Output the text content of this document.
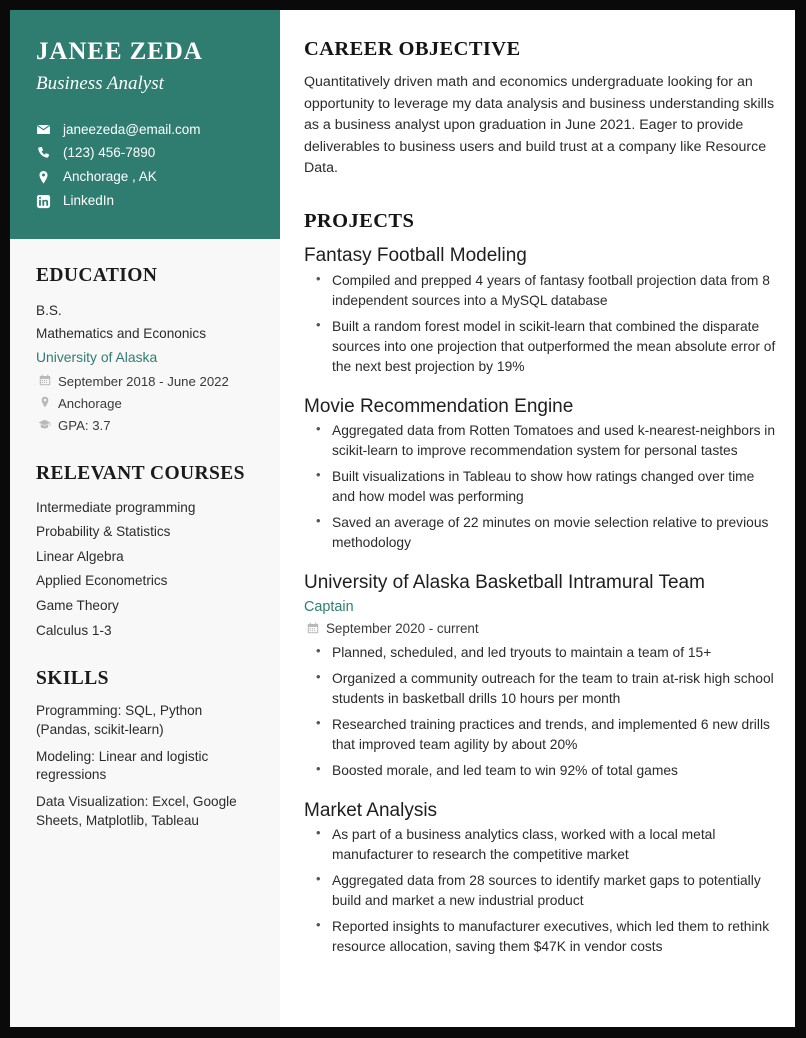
JANEE ZEDA
Business Analyst
janeezeda@email.com
(123) 456-7890
Anchorage , AK
LinkedIn
EDUCATION
B.S.
Mathematics and Econonics
University of Alaska
September 2018 - June 2022
Anchorage
GPA: 3.7
RELEVANT COURSES
Intermediate programming
Probability & Statistics
Linear Algebra
Applied Econometrics
Game Theory
Calculus 1-3
SKILLS
Programming: SQL, Python (Pandas, scikit-learn)
Modeling: Linear and logistic regressions
Data Visualization: Excel, Google Sheets, Matplotlib, Tableau
CAREER OBJECTIVE

Quantitatively driven math and economics undergraduate looking for an opportunity to leverage my data analysis and business understanding skills as a business analyst upon graduation in June 2021. Eager to provide deliverables to business users and build trust at a company like Resource Data.

PROJECTS
Fantasy Football Modeling
• Compiled and prepped 4 years of fantasy football projection data from 8 independent sources into a MySQL database
• Built a random forest model in scikit-learn that combined the disparate sources into one projection that outperformed the mean absolute error of the next best projection by 19%
Movie Recommendation Engine
• Aggregated data from Rotten Tomatoes and used k-nearest-neighbors in scikit-learn to improve recommendation system for personal tastes
• Built visualizations in Tableau to show how ratings changed over time and how model was performing
• Saved an average of 22 minutes on movie selection relative to previous methodology
University of Alaska Basketball Intramural Team
Captain
September 2020 - current
• Planned, scheduled, and led tryouts to maintain a team of 15+
• Organized a community outreach for the team to train at-risk high school students in basketball drills 10 hours per month
• Researched training practices and trends, and implemented 6 new drills that improved team agility by about 20%
• Boosted morale, and led team to win 92% of total games
Market Analysis
• As part of a business analytics class, worked with a local metal manufacturer to research the competitive market
• Aggregated data from 28 sources to identify market gaps to potentially build and market a new industrial product
• Reported insights to manufacturer executives, which led them to rethink resource allocation, saving them $47K in vendor costs
